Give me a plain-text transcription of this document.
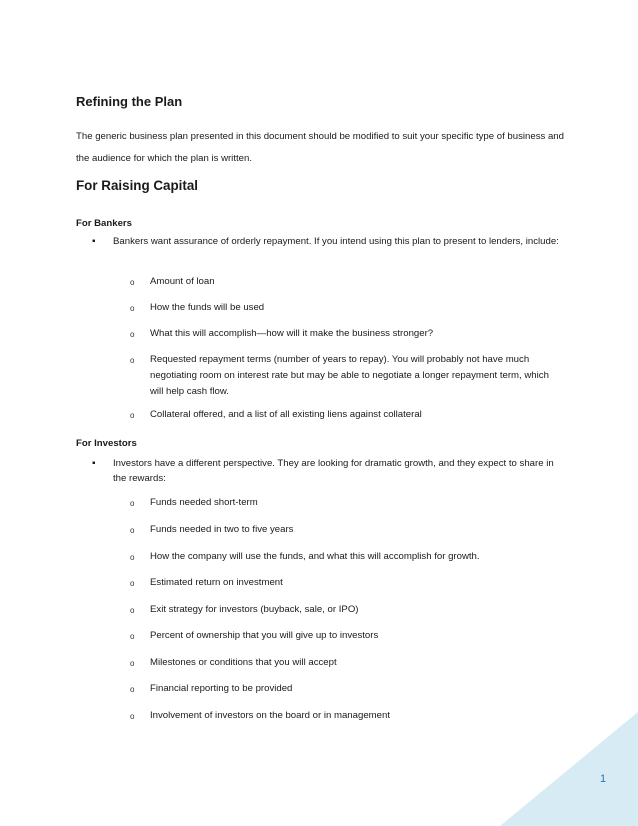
Refining the Plan

The generic business plan presented in this document should be modified to suit your specific type of business and the audience for which the plan is written.

For Raising Capital
For Bankers
▪ Bankers want assurance of orderly repayment. If you intend using this plan to present to lenders, include:
o Amount of loan
o How the funds will be used
o What this will accomplish—how will it make the business stronger?
o Requested repayment terms (number of years to repay). You will probably not have much negotiating room on interest rate but may be able to negotiate a longer repayment term, which will help cash flow.
o Collateral offered, and a list of all existing liens against collateral
For Investors
▪ Investors have a different perspective. They are looking for dramatic growth, and they expect to share in the rewards:
o Funds needed short-term
o Funds needed in two to five years
o How the company will use the funds, and what this will accomplish for growth.
o Estimated return on investment
o Exit strategy for investors (buyback, sale, or IPO)
o Percent of ownership that you will give up to investors
o Milestones or conditions that you will accept
o Financial reporting to be provided
o Involvement of investors on the board or in management
1
